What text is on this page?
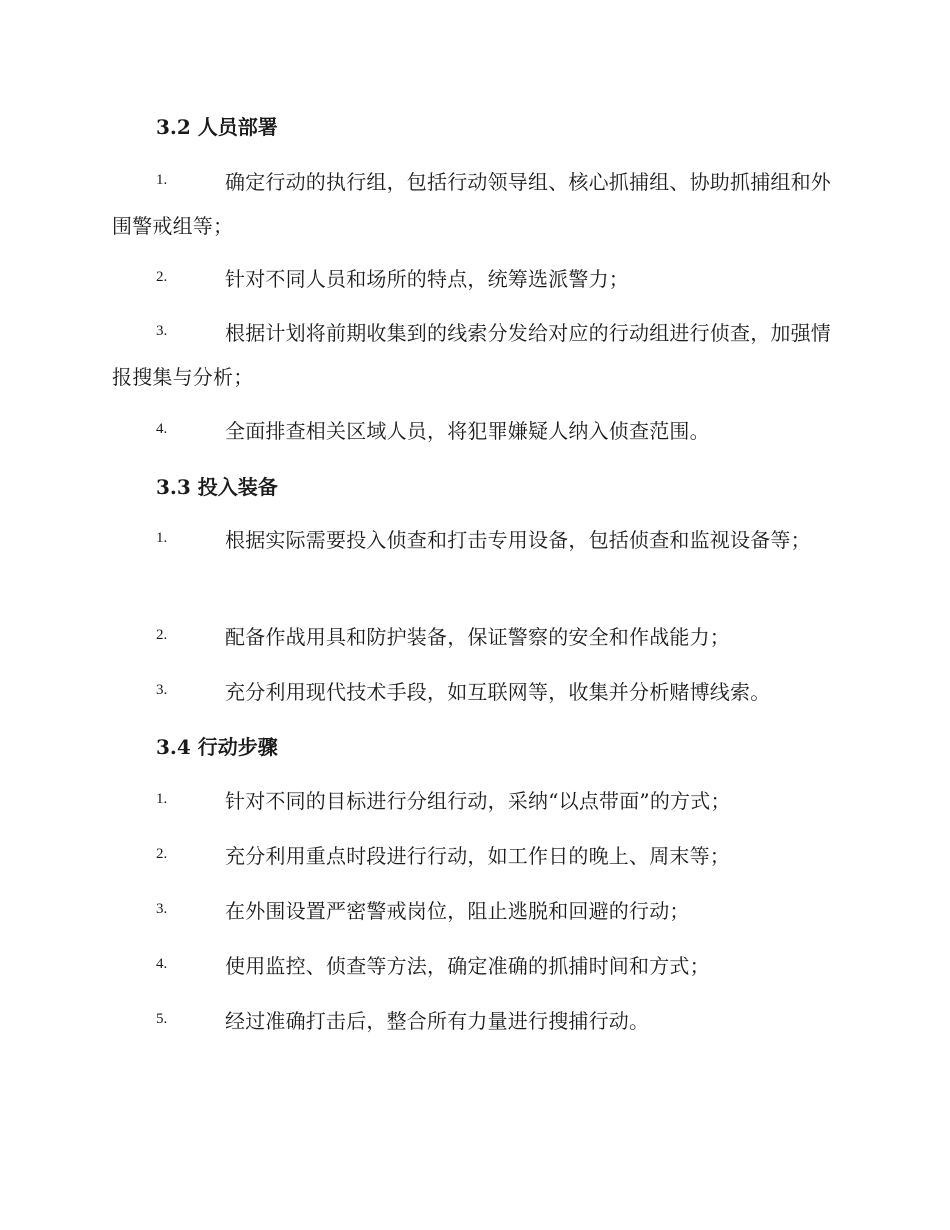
3.2 人员部署
1.	确定行动的执行组，包括行动领导组、核心抓捕组、协助抓捕组和外围警戒组等；
2.	针对不同人员和场所的特点，统筹选派警力；
3.	根据计划将前期收集到的线索分发给对应的行动组进行侦查，加强情报搜集与分析；
4.	全面排查相关区域人员，将犯罪嫌疑人纳入侦查范围。
3.3 投入装备
1.	根据实际需要投入侦查和打击专用设备，包括侦查和监视设备等；
2.	配备作战用具和防护装备，保证警察的安全和作战能力；
3.	充分利用现代技术手段，如互联网等，收集并分析赌博线索。
3.4 行动步骤
1.	针对不同的目标进行分组行动，采纳“以点带面”的方式；
2.	充分利用重点时段进行行动，如工作日的晚上、周末等；
3.	在外围设置严密警戒岗位，阻止逃脱和回避的行动；
4.	使用监控、侦查等方法，确定准确的抓捕时间和方式；
5.	经过准确打击后，整合所有力量进行搜捕行动。
